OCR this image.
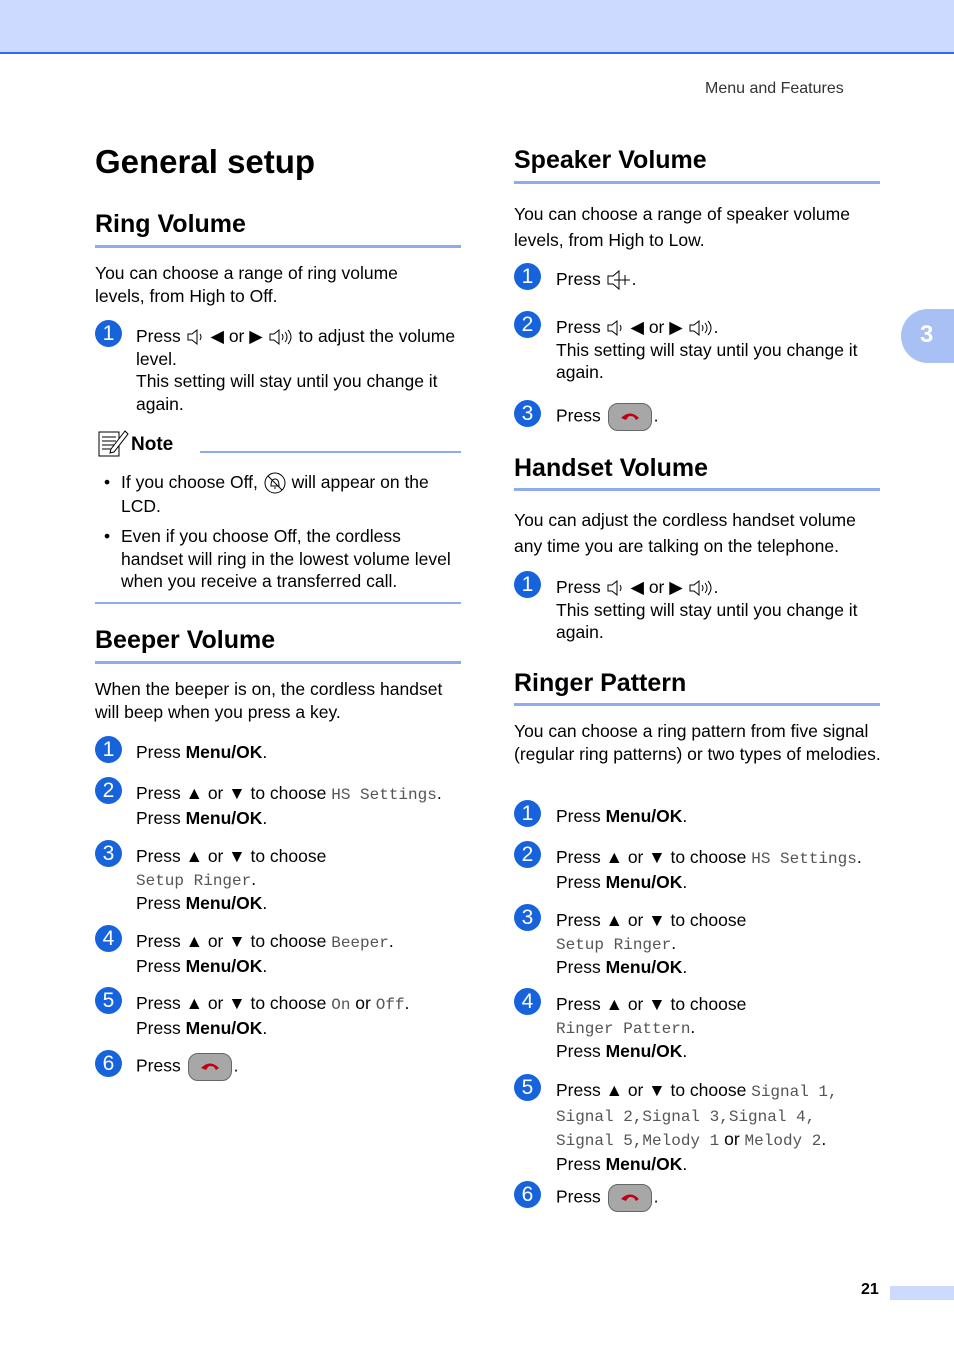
Menu and Features
3
General setup
Ring Volume

You can choose a range of ring volume levels, from High to Off.

1	Press ◀ or ▶ to adjust the volume
level.
This setting will stay until you change it
again.
Note
• If you choose Off, will appear on the
LCD.
• Even if you choose Off, the cordless
handset will ring in the lowest volume level
when you receive a transferred call.
Beeper Volume

When the beeper is on, the cordless handset will beep when you press a key.

1	Press Menu/OK.
2	Press ▲ or ▼ to choose HS Settings.
Press Menu/OK.
3	Press ▲ or ▼ to choose
Setup Ringer.
Press Menu/OK.
4	Press ▲ or ▼ to choose Beeper.
Press Menu/OK.
5	Press ▲ or ▼ to choose On or Off.
Press Menu/OK.
6	Press	.
Speaker Volume

You can choose a range of speaker volume levels, from High to Low.

1	Press .
2	Press ◀ or ▶ .
This setting will stay until you change it
again.
3	Press	.
Handset Volume

You can adjust the cordless handset volume any time you are talking on the telephone.

1	Press ◀ or ▶ .
This setting will stay until you change it
again.
Ringer Pattern

You can choose a ring pattern from five signal (regular ring patterns) or two types of melodies.

1	Press Menu/OK.
2	Press ▲ or ▼ to choose HS Settings.
Press Menu/OK.
3	Press ▲ or ▼ to choose
Setup Ringer.
Press Menu/OK.
4	Press ▲ or ▼ to choose
Ringer Pattern.
Press Menu/OK.
5	Press ▲ or ▼ to choose Signal 1,
Signal 2,Signal 3,Signal 4,
Signal 5,Melody 1 or Melody 2.
Press Menu/OK.
6	Press	.
21
